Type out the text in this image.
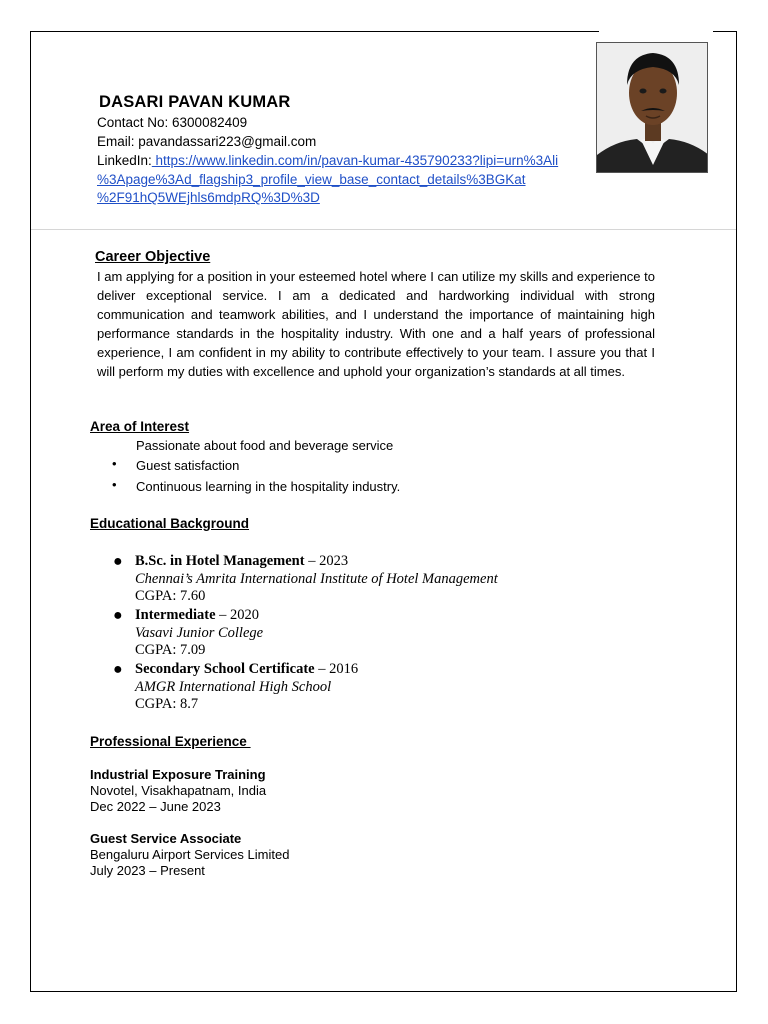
DASARI PAVAN KUMAR
Contact No: 6300082409
Email: pavandassari223@gmail.com
LinkedIn: https://www.linkedin.com/in/pavan-kumar-435790233?lipi=urn%3Ali
%3Apage%3Ad_flagship3_profile_view_base_contact_details%3BGKat
%2F91hQ5WEjhls6mdpRQ%3D%3D
Career Objective
I am applying for a position in your esteemed hotel where I can utilize my skills and experience to deliver exceptional service. I am a dedicated and hardworking individual with strong communication and teamwork abilities, and I understand the importance of maintaining high performance standards in the hospitality industry. With one and a half years of professional experience, I am confident in my ability to contribute effectively to your team. I assure you that I will perform my duties with excellence and uphold your organization’s standards at all times.
Area of Interest
Passionate about food and beverage service
• Guest satisfaction
• Continuous learning in the hospitality industry.
Educational Background
● B.Sc. in Hotel Management – 2023
Chennai’s Amrita International Institute of Hotel Management
CGPA: 7.60
● Intermediate – 2020
Vasavi Junior College
CGPA: 7.09
● Secondary School Certificate – 2016
AMGR International High School
CGPA: 8.7
Professional Experience
Industrial Exposure Training
Novotel, Visakhapatnam, India
Dec 2022 – June 2023
Guest Service Associate
Bengaluru Airport Services Limited
July 2023 – Present
